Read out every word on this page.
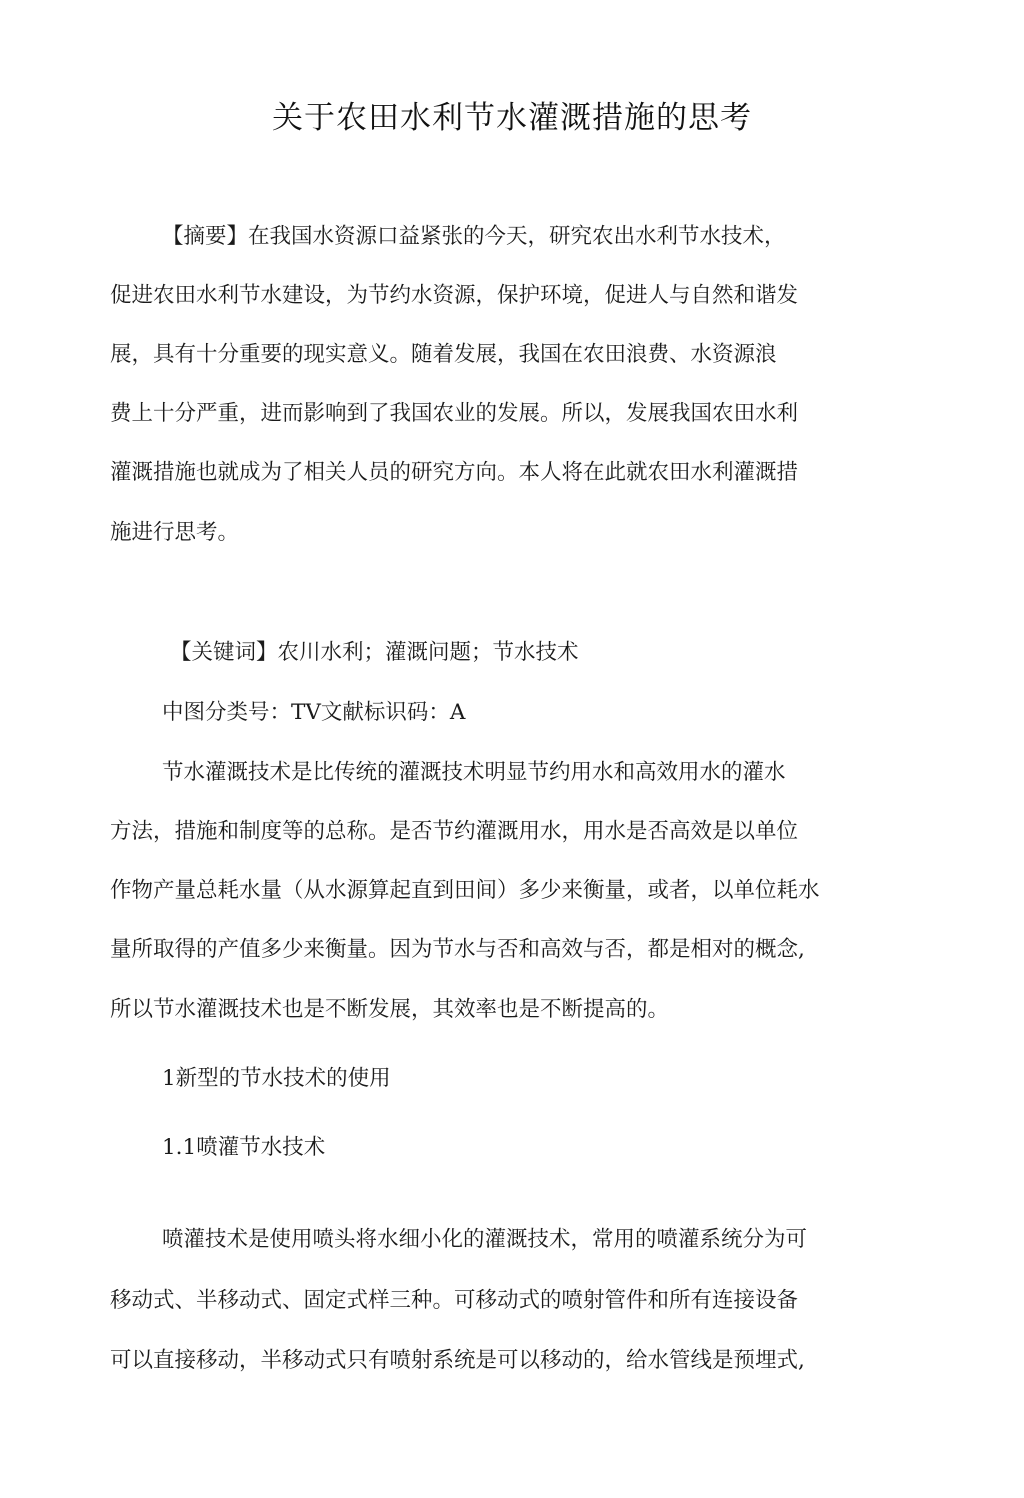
关于农田水利节水灌溉措施的思考
【摘要】在我国水资源口益紧张的今天，研究农出水利节水技术，
促进农田水利节水建设，为节约水资源，保护环境，促进人与自然和谐发
展，具有十分重要的现实意义。随着发展，我国在农田浪费、水资源浪
费上十分严重，进而影响到了我国农业的发展。所以，发展我国农田水利
灌溉措施也就成为了相关人员的研究方向。本人将在此就农田水利灌溉措
施进行思考。
【关键词】农川水利；灌溉问题；节水技术
中图分类号：TV文献标识码：A
节水灌溉技术是比传统的灌溉技术明显节约用水和高效用水的灌水
方法，措施和制度等的总称。是否节约灌溉用水，用水是否高效是以单位
作物产量总耗水量（从水源算起直到田间）多少来衡量，或者，以单位耗水
量所取得的产值多少来衡量。因为节水与否和高效与否，都是相对的概念,
所以节水灌溉技术也是不断发展，其效率也是不断提高的。
1新型的节水技术的使用
1.1喷灌节水技术
喷灌技术是使用喷头将水细小化的灌溉技术，常用的喷灌系统分为可
移动式、半移动式、固定式样三种。可移动式的喷射管件和所有连接设备
可以直接移动，半移动式只有喷射系统是可以移动的，给水管线是预埋式,
